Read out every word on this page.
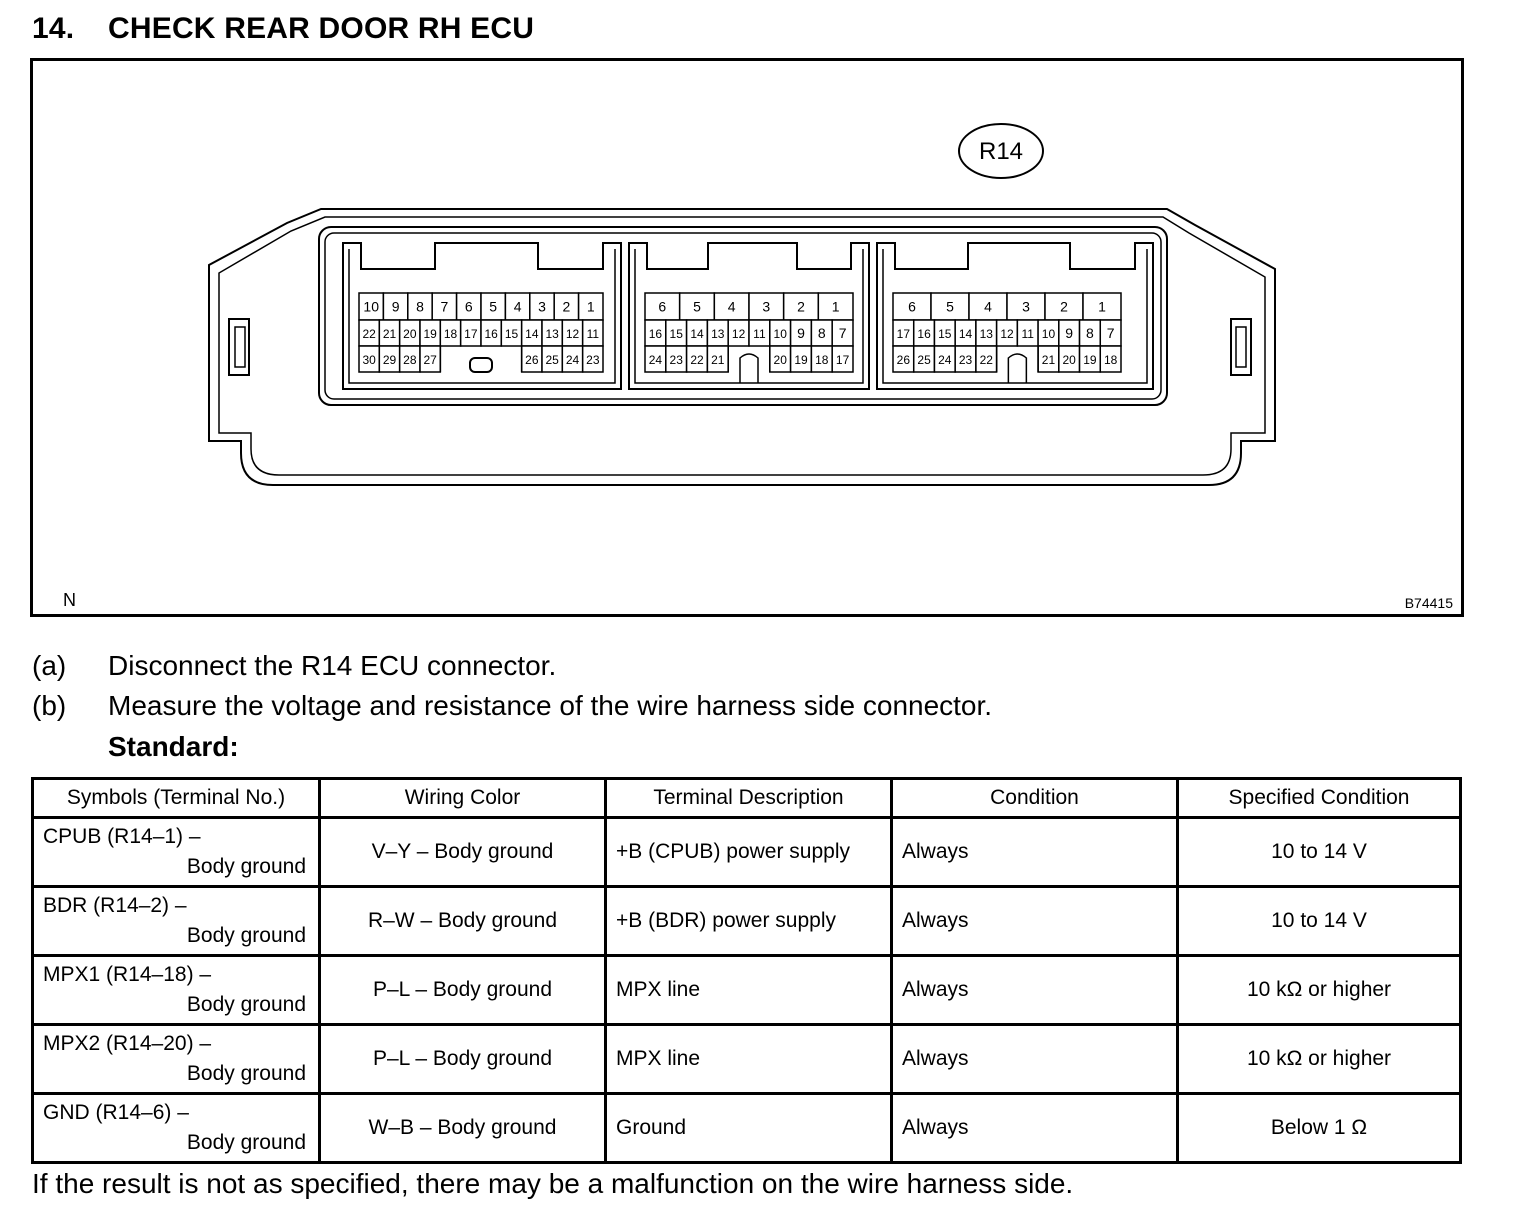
14. CHECK REAR DOOR RH ECU
R14
10 9 8 7 6 5 4 3 2 1
22 21 20 19 18 17 16 15 14 13 12 11
30 29 28 27	26 25 24 23
6 5 4 3 2 1
16 15 14 13 12 11 10 9 8 7
24 23 22 21	20 19 18 17
6 5 4 3 2 1
17 16 15 14 13 12 11 10 9 8 7
26 25 24 23 22	21 20 19 18
N	B74415
(a) Disconnect the R14 ECU connector.
(b) Measure the voltage and resistance of the wire harness side connector.
Standard:
Symbols (Terminal No.)	Wiring Color	Terminal Description	Condition	Specified Condition

CPUB (R14–1) –
Body ground	V–Y – Body ground	+B (CPUB) power supply	Always	10 to 14 V

BDR (R14–2) –
Body ground	R–W – Body ground	+B (BDR) power supply	Always	10 to 14 V

MPX1 (R14–18) –
Body ground	P–L – Body ground	MPX line	Always	10 kΩ or higher

MPX2 (R14–20) –
Body ground	P–L – Body ground	MPX line	Always	10 kΩ or higher

GND (R14–6) –
Body ground	W–B – Body ground	Ground	Always	Below 1 Ω
If the result is not as specified, there may be a malfunction on the wire harness side.
